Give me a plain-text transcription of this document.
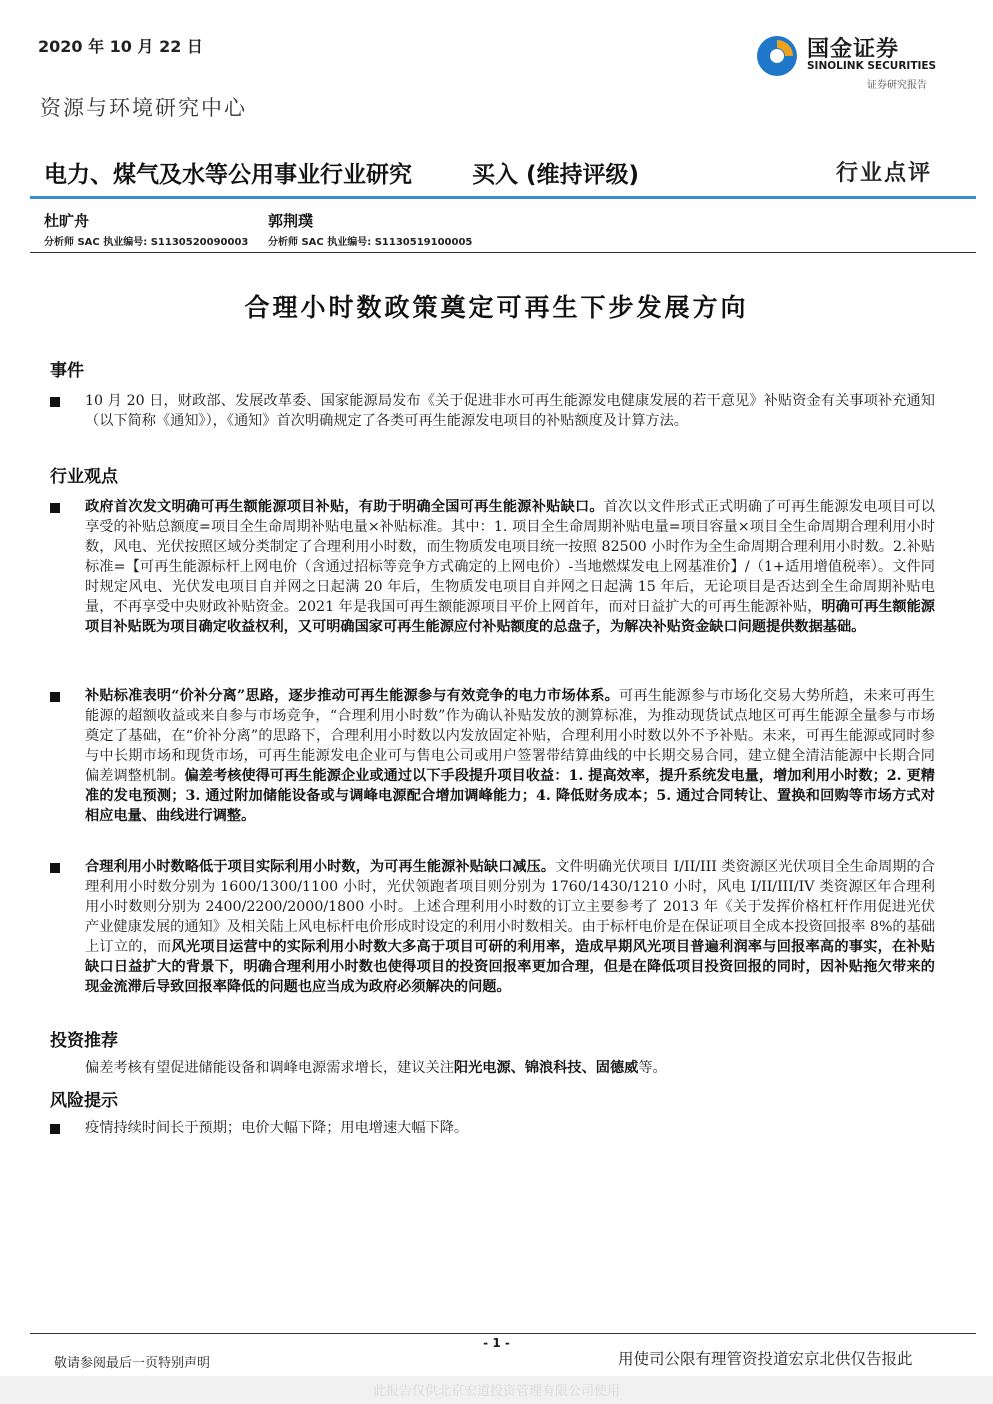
2020 年 10 月 22 日
资源与环境研究中心
国金证券
SINOLINK SECURITIES
证券研究报告
电力、煤气及水等公用事业行业研究	买入 (维持评级)	行业点评
杜旷舟
分析师 SAC 执业编号: S1130520090003
郭荆璞
分析师 SAC 执业编号: S1130519100005
合理小时数政策奠定可再生下步发展方向
事件
10 月 20 日，财政部、发展改革委、国家能源局发布《关于促进非水可再生能源发电健康发展的若干意见》补贴资金有关事项补充通知（以下简称《通知》），《通知》首次明确规定了各类可再生能源发电项目的补贴额度及计算方法。
行业观点
政府首次发文明确可再生额能源项目补贴，有助于明确全国可再生能源补贴缺口。首次以文件形式正式明确了可再生能源发电项目可以享受的补贴总额度=项目全生命周期补贴电量×补贴标准。其中：1. 项目全生命周期补贴电量=项目容量×项目全生命周期合理利用小时数，风电、光伏按照区域分类制定了合理利用小时数，而生物质发电项目统一按照 82500 小时作为全生命周期合理利用小时数。2.补贴标准=【可再生能源标杆上网电价（含通过招标等竞争方式确定的上网电价）-当地燃煤发电上网基准价】/（1+适用增值税率）。文件同时规定风电、光伏发电项目自并网之日起满 20 年后，生物质发电项目自并网之日起满 15 年后，无论项目是否达到全生命周期补贴电量，不再享受中央财政补贴资金。2021 年是我国可再生额能源项目平价上网首年，而对日益扩大的可再生能源补贴，明确可再生额能源项目补贴既为项目确定收益权利，又可明确国家可再生能源应付补贴额度的总盘子，为解决补贴资金缺口问题提供数据基础。
补贴标准表明“价补分离”思路，逐步推动可再生能源参与有效竞争的电力市场体系。可再生能源参与市场化交易大势所趋，未来可再生能源的超额收益或来自参与市场竞争，“合理利用小时数”作为确认补贴发放的测算标准，为推动现货试点地区可再生能源全量参与市场奠定了基础，在“价补分离”的思路下，合理利用小时数以内发放固定补贴，合理利用小时数以外不予补贴。未来，可再生能源或同时参与中长期市场和现货市场，可再生能源发电企业可与售电公司或用户签署带结算曲线的中长期交易合同，建立健全清洁能源中长期合同偏差调整机制。偏差考核使得可再生能源企业或通过以下手段提升项目收益：1. 提高效率，提升系统发电量，增加利用小时数；2. 更精准的发电预测；3. 通过附加储能设备或与调峰电源配合增加调峰能力；4. 降低财务成本；5. 通过合同转让、置换和回购等市场方式对相应电量、曲线进行调整。
合理利用小时数略低于项目实际利用小时数，为可再生能源补贴缺口减压。文件明确光伏项目 I/II/III 类资源区光伏项目全生命周期的合理利用小时数分别为 1600/1300/1100 小时，光伏领跑者项目则分别为 1760/1430/1210 小时，风电 I/II/III/IV 类资源区年合理利用小时数则分别为 2400/2200/2000/1800 小时。上述合理利用小时数的订立主要参考了 2013 年《关于发挥价格杠杆作用促进光伏产业健康发展的通知》及相关陆上风电标杆电价形成时设定的利用小时数相关。由于标杆电价是在保证项目全成本投资回报率 8%的基础上订立的，而风光项目运营中的实际利用小时数大多高于项目可研的利用率，造成早期风光项目普遍利润率与回报率高的事实，在补贴缺口日益扩大的背景下，明确合理利用小时数也使得项目的投资回报率更加合理，但是在降低项目投资回报的同时，因补贴拖欠带来的现金流滞后导致回报率降低的问题也应当成为政府必须解决的问题。
投资推荐
偏差考核有望促进储能设备和调峰电源需求增长，建议关注阳光电源、锦浪科技、固德威等。
风险提示
疫情持续时间长于预期；电价大幅下降；用电增速大幅下降。
- 1 -
敬请参阅最后一页特别声明	用使司公限有理管资投道宏京北供仅告报此
此报告仅供北京宏道投资管理有限公司使用
